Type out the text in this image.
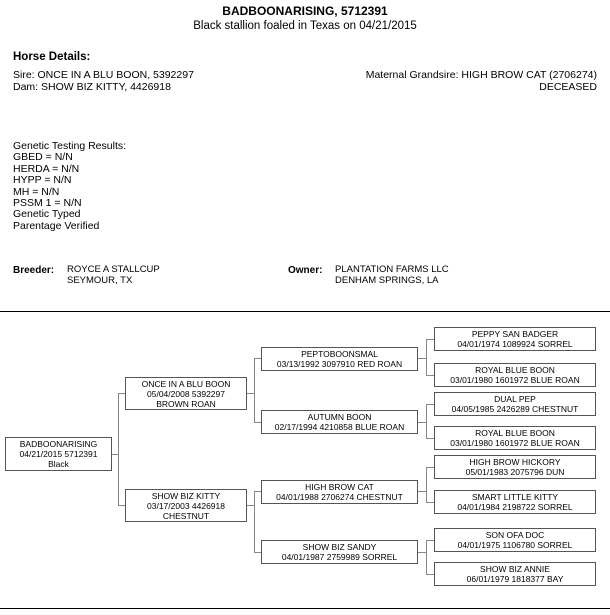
BADBOONARISING, 5712391
Black stallion foaled in Texas on 04/21/2015
Horse Details:
Sire: ONCE IN A BLU BOON, 5392297
Dam: SHOW BIZ KITTY, 4426918
Maternal Grandsire: HIGH BROW CAT (2706274)
DECEASED
Genetic Testing Results:
GBED = N/N
HERDA = N/N
HYPP = N/N
MH = N/N
PSSM 1 = N/N
Genetic Typed
Parentage Verified
Breeder: ROYCE A STALLCUP
SEYMOUR, TX
Owner: PLANTATION FARMS LLC
DENHAM SPRINGS, LA
BADBOONARISING
04/21/2015 5712391
Black
ONCE IN A BLU BOON
05/04/2008 5392297
BROWN ROAN
SHOW BIZ KITTY
03/17/2003 4426918
CHESTNUT
PEPTOBOONSMAL
03/13/1992 3097910 RED ROAN
AUTUMN BOON
02/17/1994 4210858 BLUE ROAN
HIGH BROW CAT
04/01/1988 2706274 CHESTNUT
SHOW BIZ SANDY
04/01/1987 2759989 SORREL
PEPPY SAN BADGER
04/01/1974 1089924 SORREL
ROYAL BLUE BOON
03/01/1980 1601972 BLUE ROAN
DUAL PEP
04/05/1985 2426289 CHESTNUT
ROYAL BLUE BOON
03/01/1980 1601972 BLUE ROAN
HIGH BROW HICKORY
05/01/1983 2075796 DUN
SMART LITTLE KITTY
04/01/1984 2198722 SORREL
SON OFA DOC
04/01/1975 1106780 SORREL
SHOW BIZ ANNIE
06/01/1979 1818377 BAY
